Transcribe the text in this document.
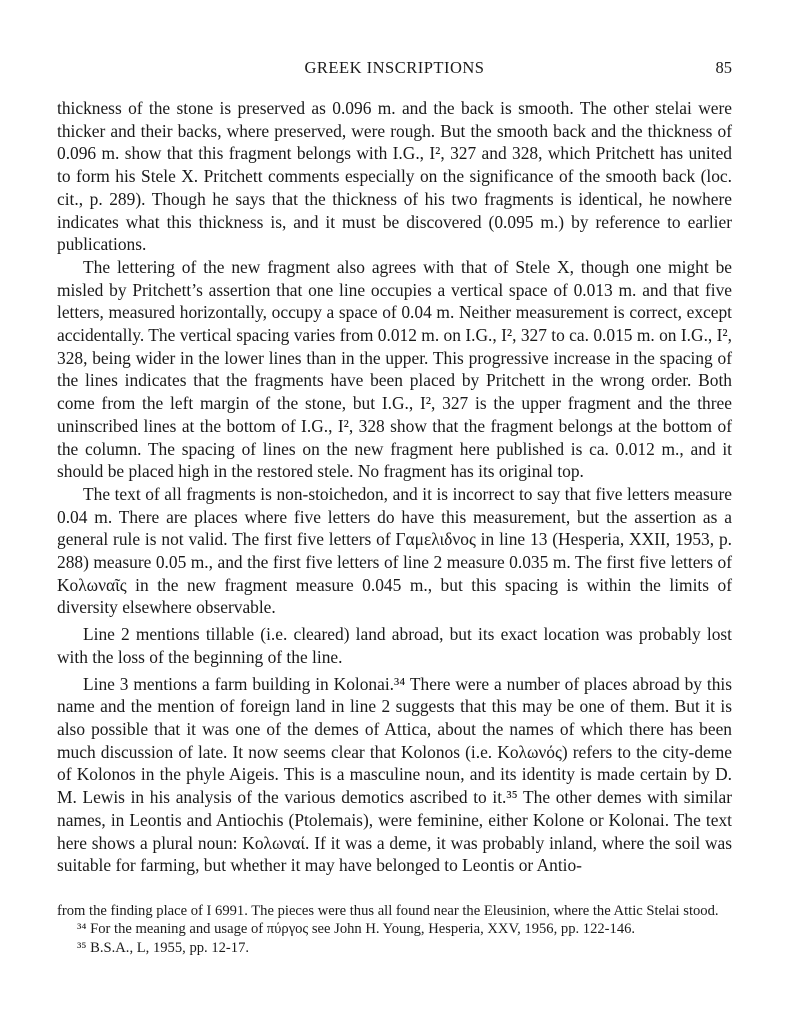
GREEK INSCRIPTIONS	85

thickness of the stone is preserved as 0.096 m. and the back is smooth. The other stelai were thicker and their backs, where preserved, were rough. But the smooth back and the thickness of 0.096 m. show that this fragment belongs with I.G., I², 327 and 328, which Pritchett has united to form his Stele X. Pritchett comments especially on the significance of the smooth back (loc. cit., p. 289). Though he says that the thickness of his two fragments is identical, he nowhere indicates what this thickness is, and it must be discovered (0.095 m.) by reference to earlier publications.

The lettering of the new fragment also agrees with that of Stele X, though one might be misled by Pritchett’s assertion that one line occupies a vertical space of 0.013 m. and that five letters, measured horizontally, occupy a space of 0.04 m. Neither measurement is correct, except accidentally. The vertical spacing varies from 0.012 m. on I.G., I², 327 to ca. 0.015 m. on I.G., I², 328, being wider in the lower lines than in the upper. This progressive increase in the spacing of the lines indicates that the fragments have been placed by Pritchett in the wrong order. Both come from the left margin of the stone, but I.G., I², 327 is the upper fragment and the three uninscribed lines at the bottom of I.G., I², 328 show that the fragment belongs at the bottom of the column. The spacing of lines on the new fragment here published is ca. 0.012 m., and it should be placed high in the restored stele. No fragment has its original top.

The text of all fragments is non-stoichedon, and it is incorrect to say that five letters measure 0.04 m. There are places where five letters do have this measurement, but the assertion as a general rule is not valid. The first five letters of Γαμελιδνος in line 13 (Hesperia, XXII, 1953, p. 288) measure 0.05 m., and the first five letters of line 2 measure 0.035 m. The first five letters of Κολωναῖς in the new fragment measure 0.045 m., but this spacing is within the limits of diversity elsewhere observable.

Line 2 mentions tillable (i.e. cleared) land abroad, but its exact location was probably lost with the loss of the beginning of the line.

Line 3 mentions a farm building in Kolonai.³⁴ There were a number of places abroad by this name and the mention of foreign land in line 2 suggests that this may be one of them. But it is also possible that it was one of the demes of Attica, about the names of which there has been much discussion of late. It now seems clear that Kolonos (i.e. Κολωνός) refers to the city-deme of Kolonos in the phyle Aigeis. This is a masculine noun, and its identity is made certain by D. M. Lewis in his analysis of the various demotics ascribed to it.³⁵ The other demes with similar names, in Leontis and Antiochis (Ptolemais), were feminine, either Kolone or Kolonai. The text here shows a plural noun: Κολωναί. If it was a deme, it was probably inland, where the soil was suitable for farming, but whether it may have belonged to Leontis or Antio-

from the finding place of I 6991. The pieces were thus all found near the Eleusinion, where the Attic Stelai stood.

³⁴ For the meaning and usage of πύργος see John H. Young, Hesperia, XXV, 1956, pp. 122-146.

³⁵ B.S.A., L, 1955, pp. 12-17.
